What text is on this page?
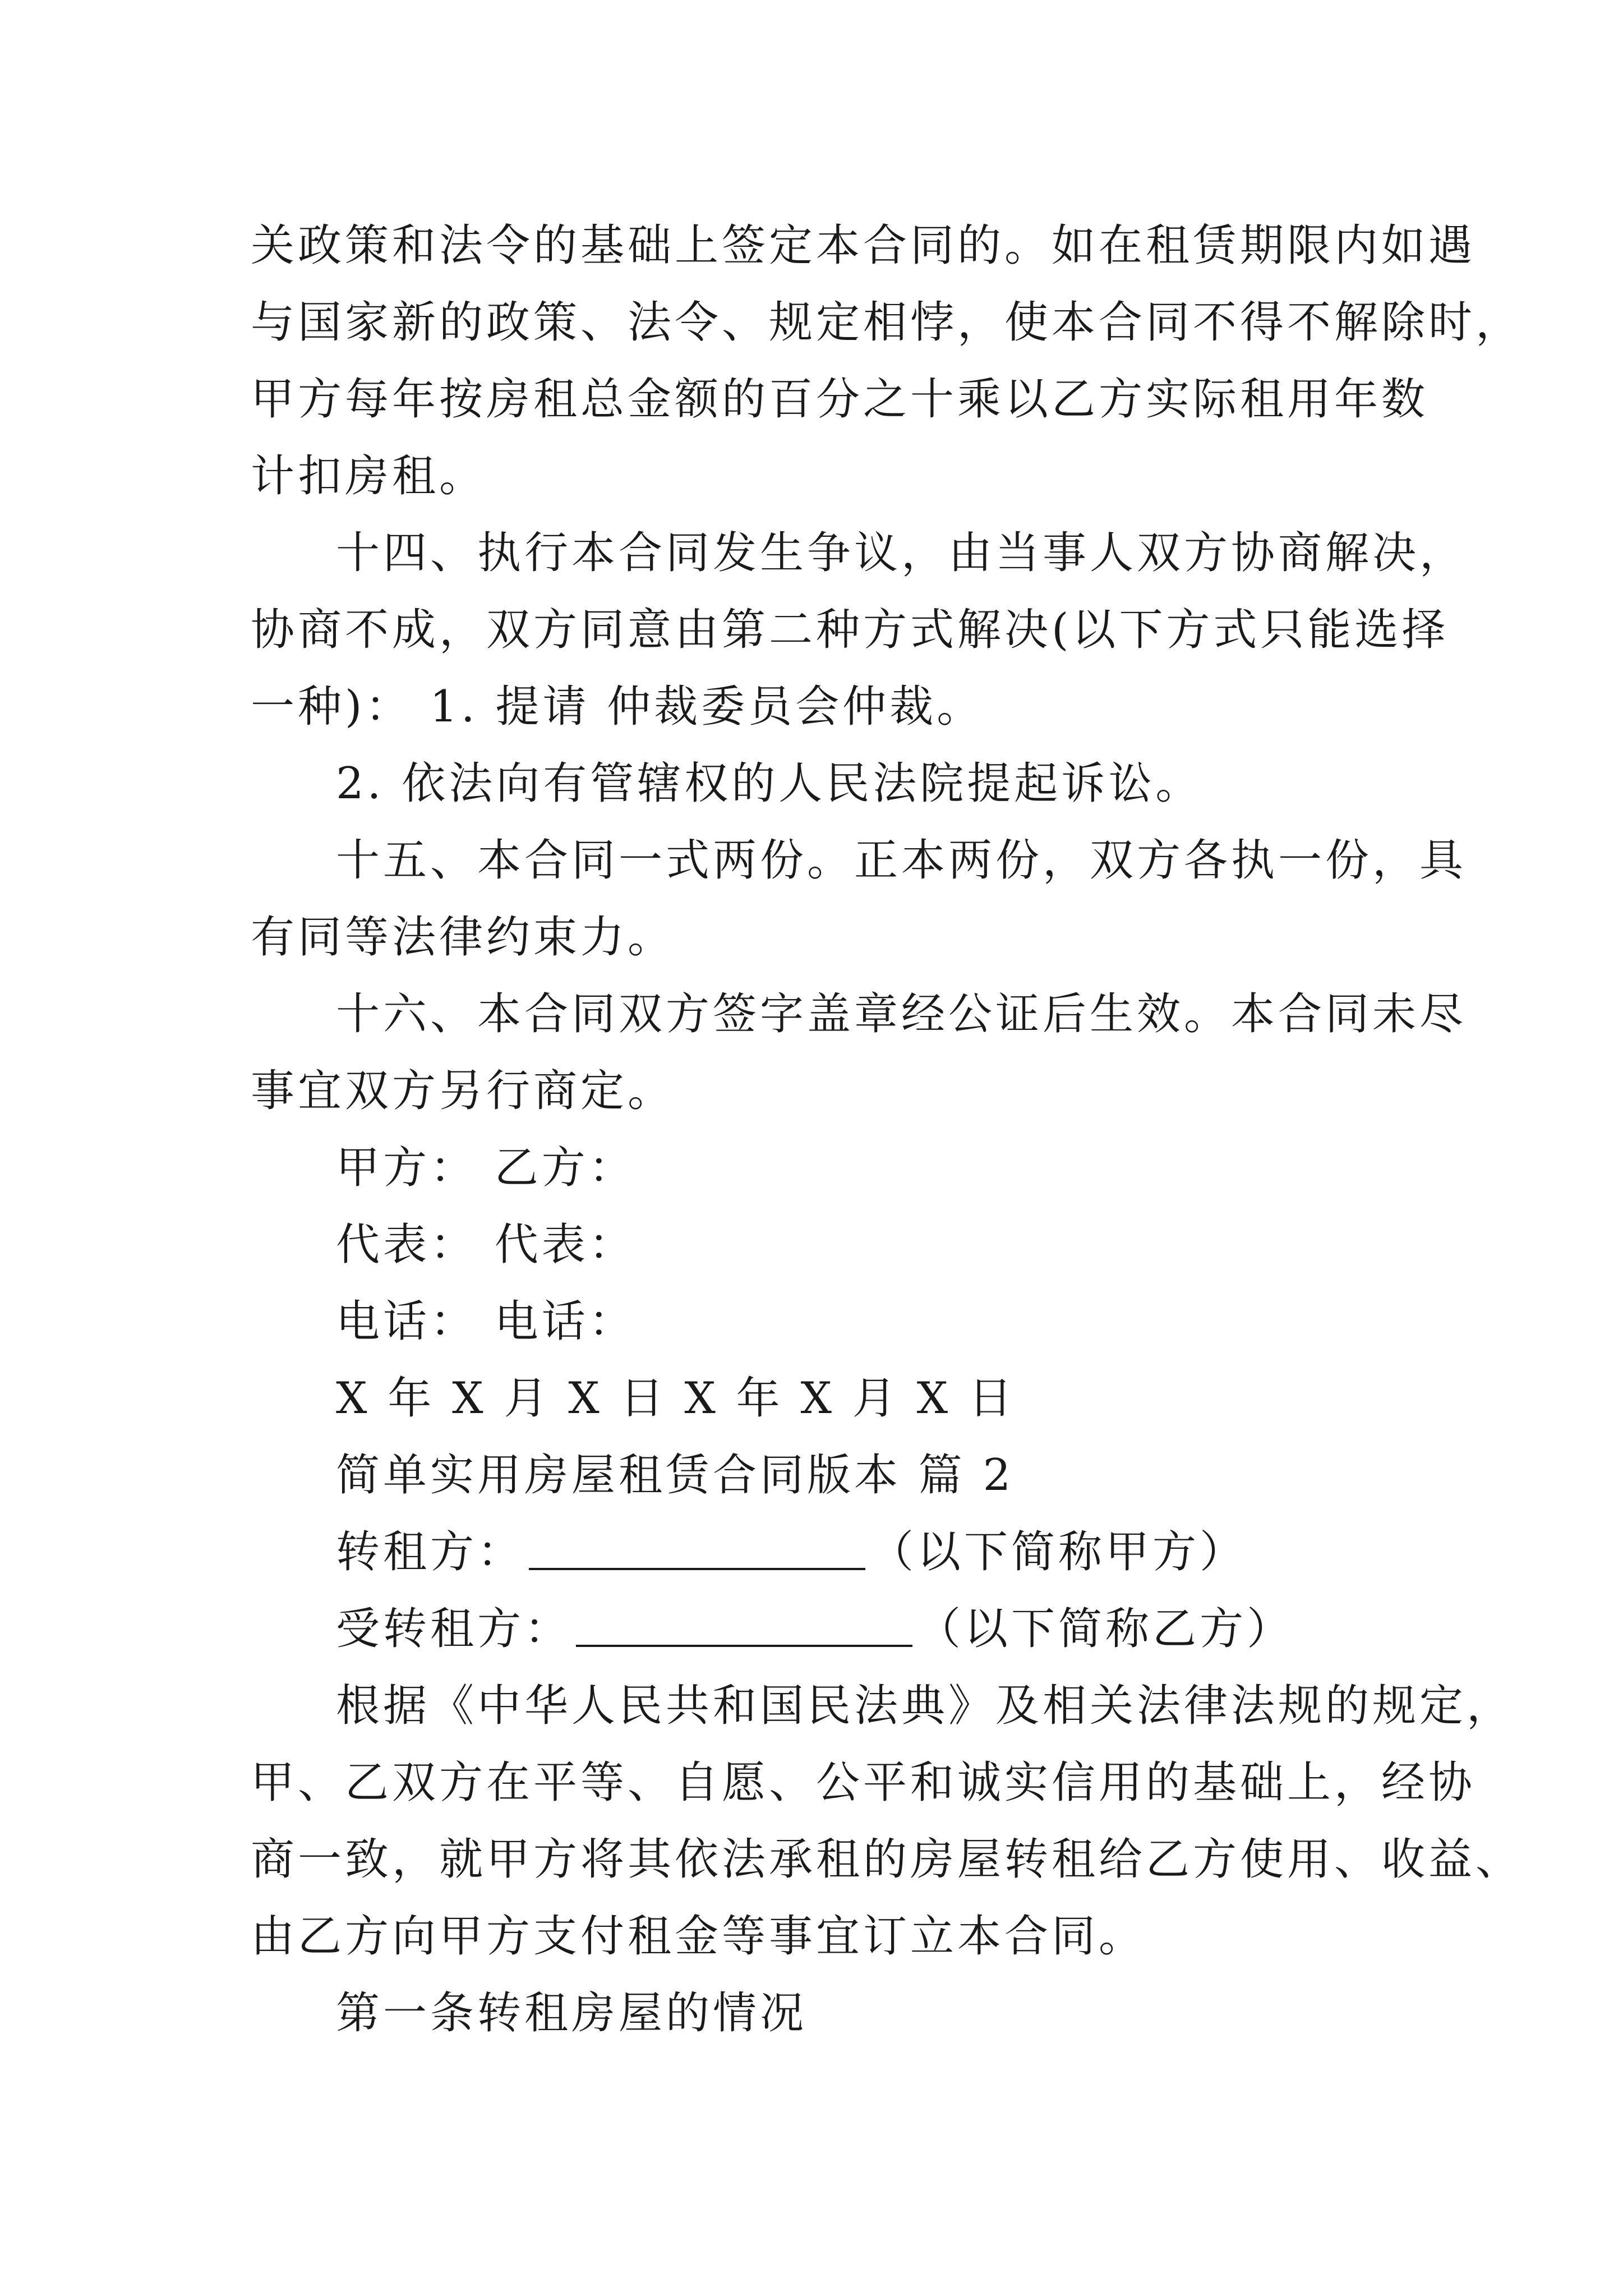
关政策和法令的基础上签定本合同的。如在租赁期限内如遇
与国家新的政策、法令、规定相悖，使本合同不得不解除时，
甲方每年按房租总金额的百分之十乘以乙方实际租用年数
计扣房租。
十四、执行本合同发生争议，由当事人双方协商解决，
协商不成，双方同意由第二种方式解决(以下方式只能选择
一种)： 1. 提请 仲裁委员会仲裁。
2. 依法向有管辖权的人民法院提起诉讼。
十五、本合同一式两份。正本两份，双方各执一份，具
有同等法律约束力。
十六、本合同双方签字盖章经公证后生效。本合同未尽
事宜双方另行商定。
甲方： 乙方：
代表： 代表：
电话： 电话：
X 年 X 月 X 日 X 年 X 月 X 日
简单实用房屋租赁合同版本 篇 2
转租方：	（以下简称甲方）
受转租方：	（以下简称乙方）
根据《中华人民共和国民法典》及相关法律法规的规定，
甲、乙双方在平等、自愿、公平和诚实信用的基础上，经协
商一致，就甲方将其依法承租的房屋转租给乙方使用、收益、
由乙方向甲方支付租金等事宜订立本合同。
第一条转租房屋的情况
